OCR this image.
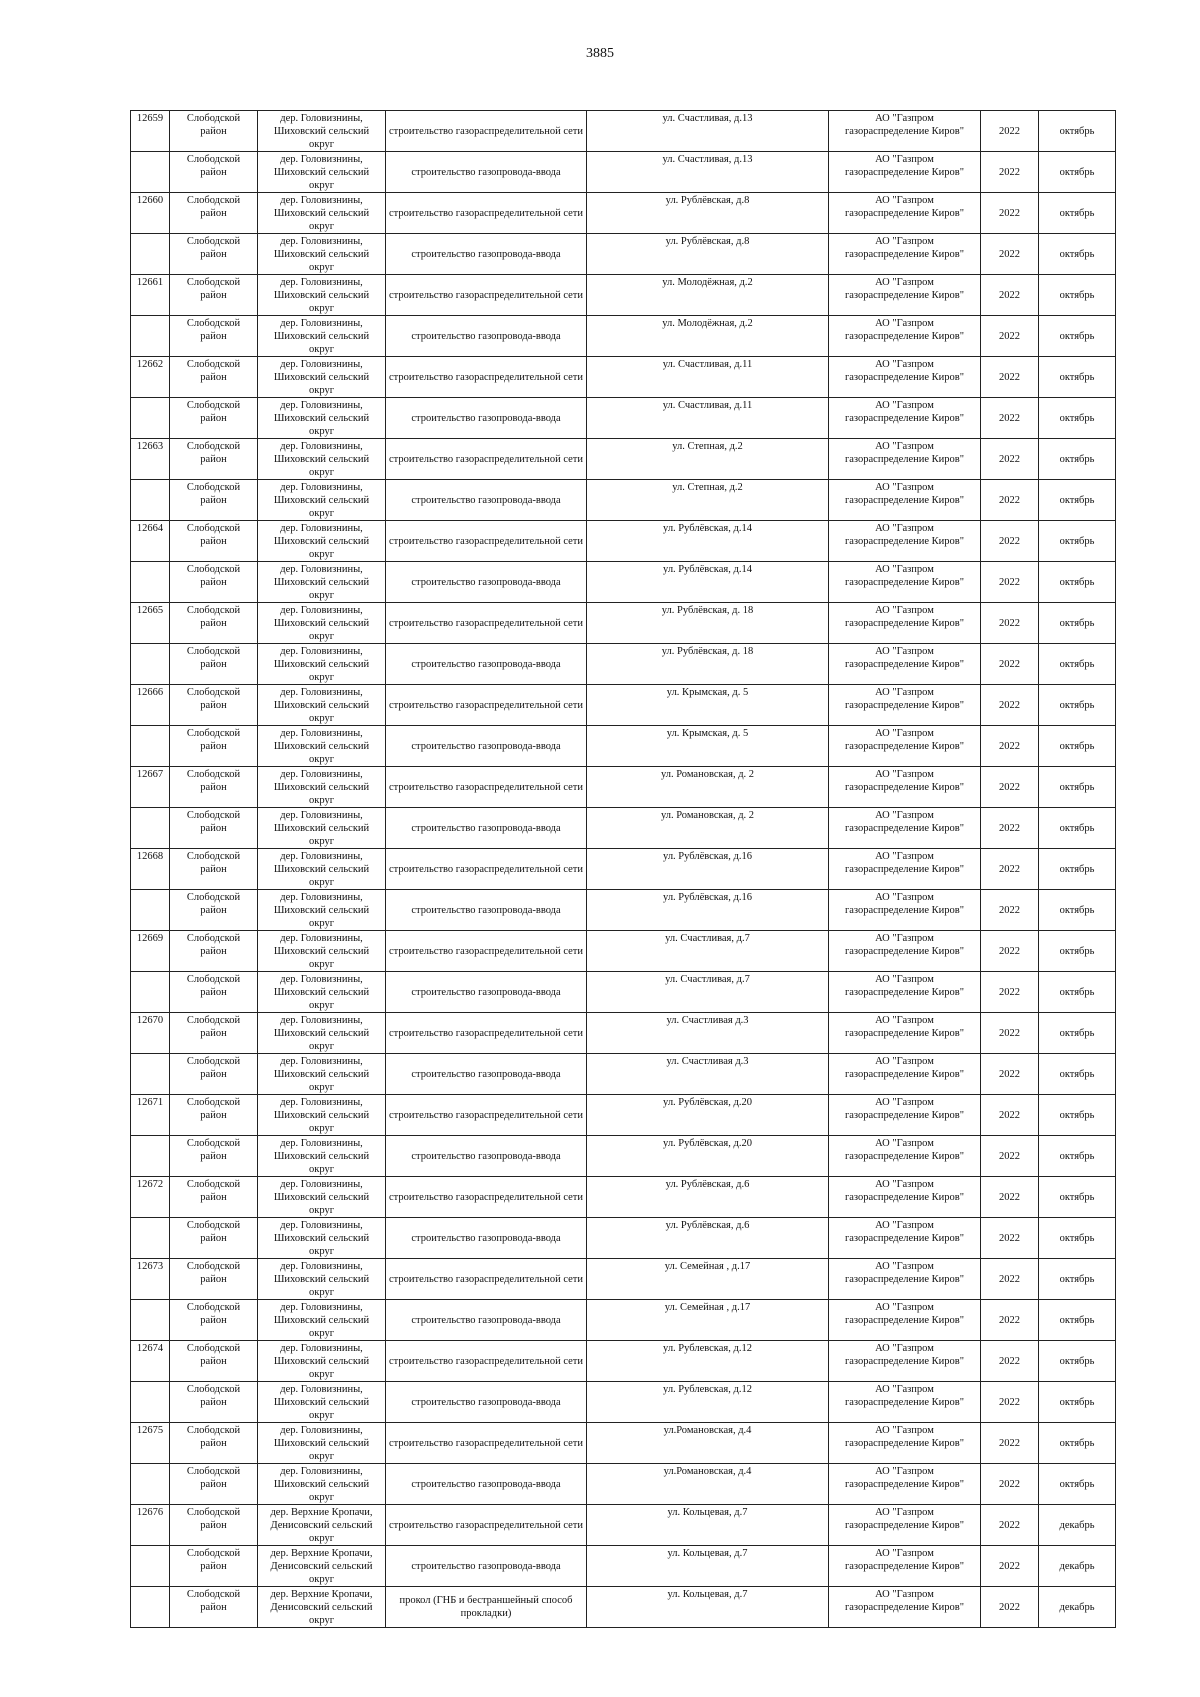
3885
12659	Слободской район	дер. Головизнины, Шиховский сельский округ	строительство газораспределительной сети	ул. Счастливая, д.13	АО "Газпром газораспределение Киров"	2022	октябрь
	Слободской район	дер. Головизнины, Шиховский сельский округ	строительство газопровода-ввода	ул. Счастливая, д.13	АО "Газпром газораспределение Киров"	2022	октябрь
12660	Слободской район	дер. Головизнины, Шиховский сельский округ	строительство газораспределительной сети	ул. Рублёвская, д.8	АО "Газпром газораспределение Киров"	2022	октябрь
	Слободской район	дер. Головизнины, Шиховский сельский округ	строительство газопровода-ввода	ул. Рублёвская, д.8	АО "Газпром газораспределение Киров"	2022	октябрь
12661	Слободской район	дер. Головизнины, Шиховский сельский округ	строительство газораспределительной сети	ул. Молодёжная, д.2	АО "Газпром газораспределение Киров"	2022	октябрь
	Слободской район	дер. Головизнины, Шиховский сельский округ	строительство газопровода-ввода	ул. Молодёжная, д.2	АО "Газпром газораспределение Киров"	2022	октябрь
12662	Слободской район	дер. Головизнины, Шиховский сельский округ	строительство газораспределительной сети	ул. Счастливая, д.11	АО "Газпром газораспределение Киров"	2022	октябрь
	Слободской район	дер. Головизнины, Шиховский сельский округ	строительство газопровода-ввода	ул. Счастливая, д.11	АО "Газпром газораспределение Киров"	2022	октябрь
12663	Слободской район	дер. Головизнины, Шиховский сельский округ	строительство газораспределительной сети	ул. Степная, д.2	АО "Газпром газораспределение Киров"	2022	октябрь
	Слободской район	дер. Головизнины, Шиховский сельский округ	строительство газопровода-ввода	ул. Степная, д.2	АО "Газпром газораспределение Киров"	2022	октябрь
12664	Слободской район	дер. Головизнины, Шиховский сельский округ	строительство газораспределительной сети	ул. Рублёвская, д.14	АО "Газпром газораспределение Киров"	2022	октябрь
	Слободской район	дер. Головизнины, Шиховский сельский округ	строительство газопровода-ввода	ул. Рублёвская, д.14	АО "Газпром газораспределение Киров"	2022	октябрь
12665	Слободской район	дер. Головизнины, Шиховский сельский округ	строительство газораспределительной сети	ул. Рублёвская, д. 18	АО "Газпром газораспределение Киров"	2022	октябрь
	Слободской район	дер. Головизнины, Шиховский сельский округ	строительство газопровода-ввода	ул. Рублёвская, д. 18	АО "Газпром газораспределение Киров"	2022	октябрь
12666	Слободской район	дер. Головизнины, Шиховский сельский округ	строительство газораспределительной сети	ул. Крымская, д. 5	АО "Газпром газораспределение Киров"	2022	октябрь
	Слободской район	дер. Головизнины, Шиховский сельский округ	строительство газопровода-ввода	ул. Крымская, д. 5	АО "Газпром газораспределение Киров"	2022	октябрь
12667	Слободской район	дер. Головизнины, Шиховский сельский округ	строительство газораспределительной сети	ул. Романовская, д. 2	АО "Газпром газораспределение Киров"	2022	октябрь
	Слободской район	дер. Головизнины, Шиховский сельский округ	строительство газопровода-ввода	ул. Романовская, д. 2	АО "Газпром газораспределение Киров"	2022	октябрь
12668	Слободской район	дер. Головизнины, Шиховский сельский округ	строительство газораспределительной сети	ул. Рублёвская, д.16	АО "Газпром газораспределение Киров"	2022	октябрь
	Слободской район	дер. Головизнины, Шиховский сельский округ	строительство газопровода-ввода	ул. Рублёвская, д.16	АО "Газпром газораспределение Киров"	2022	октябрь
12669	Слободской район	дер. Головизнины, Шиховский сельский округ	строительство газораспределительной сети	ул. Счастливая, д.7	АО "Газпром газораспределение Киров"	2022	октябрь
	Слободской район	дер. Головизнины, Шиховский сельский округ	строительство газопровода-ввода	ул. Счастливая, д.7	АО "Газпром газораспределение Киров"	2022	октябрь
12670	Слободской район	дер. Головизнины, Шиховский сельский округ	строительство газораспределительной сети	ул. Счастливая д.3	АО "Газпром газораспределение Киров"	2022	октябрь
	Слободской район	дер. Головизнины, Шиховский сельский округ	строительство газопровода-ввода	ул. Счастливая д.3	АО "Газпром газораспределение Киров"	2022	октябрь
12671	Слободской район	дер. Головизнины, Шиховский сельский округ	строительство газораспределительной сети	ул. Рублёвская, д.20	АО "Газпром газораспределение Киров"	2022	октябрь
	Слободской район	дер. Головизнины, Шиховский сельский округ	строительство газопровода-ввода	ул. Рублёвская, д.20	АО "Газпром газораспределение Киров"	2022	октябрь
12672	Слободской район	дер. Головизнины, Шиховский сельский округ	строительство газораспределительной сети	ул. Рублёвская, д.6	АО "Газпром газораспределение Киров"	2022	октябрь
	Слободской район	дер. Головизнины, Шиховский сельский округ	строительство газопровода-ввода	ул. Рублёвская, д.6	АО "Газпром газораспределение Киров"	2022	октябрь
12673	Слободской район	дер. Головизнины, Шиховский сельский округ	строительство газораспределительной сети	ул. Семейная , д.17	АО "Газпром газораспределение Киров"	2022	октябрь
	Слободской район	дер. Головизнины, Шиховский сельский округ	строительство газопровода-ввода	ул. Семейная , д.17	АО "Газпром газораспределение Киров"	2022	октябрь
12674	Слободской район	дер. Головизнины, Шиховский сельский округ	строительство газораспределительной сети	ул. Рублевская, д.12	АО "Газпром газораспределение Киров"	2022	октябрь
	Слободской район	дер. Головизнины, Шиховский сельский округ	строительство газопровода-ввода	ул. Рублевская, д.12	АО "Газпром газораспределение Киров"	2022	октябрь
12675	Слободской район	дер. Головизнины, Шиховский сельский округ	строительство газораспределительной сети	ул.Романовская, д.4	АО "Газпром газораспределение Киров"	2022	октябрь
	Слободской район	дер. Головизнины, Шиховский сельский округ	строительство газопровода-ввода	ул.Романовская, д.4	АО "Газпром газораспределение Киров"	2022	октябрь
12676	Слободской район	дер. Верхние Кропачи, Денисовский сельский округ	строительство газораспределительной сети	ул. Кольцевая, д.7	АО "Газпром газораспределение Киров"	2022	декабрь
	Слободской район	дер. Верхние Кропачи, Денисовский сельский округ	строительство газопровода-ввода	ул. Кольцевая, д.7	АО "Газпром газораспределение Киров"	2022	декабрь
	Слободской район	дер. Верхние Кропачи, Денисовский сельский округ	прокол (ГНБ и бестраншейный способ прокладки)	ул. Кольцевая, д.7	АО "Газпром газораспределение Киров"	2022	декабрь
